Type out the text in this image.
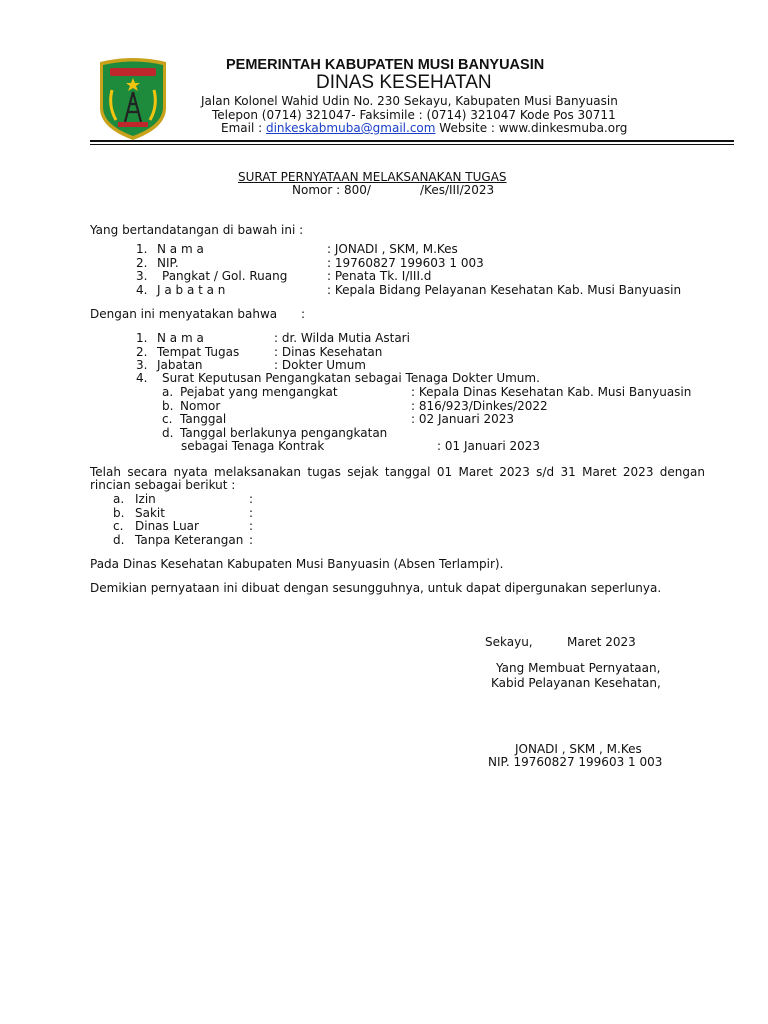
PEMERINTAH KABUPATEN MUSI BANYUASIN
DINAS KESEHATAN
Jalan Kolonel Wahid Udin No. 230 Sekayu, Kabupaten Musi Banyuasin
Telepon (0714) 321047- Faksimile : (0714) 321047 Kode Pos 30711
Email : dinkeskabmuba@gmail.com Website : www.dinkesmuba.org
SURAT PERNYATAAN MELAKSANAKAN TUGAS
Nomor : 800/	/Kes/III/2023
Yang bertandatangan di bawah ini :
1. N a m a	: JONADI , SKM, M.Kes
2. NIP.	: 19760827 199603 1 003
3. Pangkat / Gol. Ruang	: Penata Tk. I/III.d
4. J a b a t a n	: Kepala Bidang Pelayanan Kesehatan Kab. Musi Banyuasin
Dengan ini menyatakan bahwa :
1. N a m a	: dr. Wilda Mutia Astari
2. Tempat Tugas	: Dinas Kesehatan
3. Jabatan	: Dokter Umum
4. Surat Keputusan Pengangkatan sebagai Tenaga Dokter Umum.
a. Pejabat yang mengangkat	: Kepala Dinas Kesehatan Kab. Musi Banyuasin
b. Nomor	: 816/923/Dinkes/2022
c. Tanggal	: 02 Januari 2023
d. Tanggal berlakunya pengangkatan
sebagai Tenaga Kontrak	: 01 Januari 2023
Telah secara nyata melaksanakan tugas sejak tanggal 01 Maret 2023 s/d 31 Maret 2023 dengan
rincian sebagai berikut :
a. Izin	:
b. Sakit	:
c. Dinas Luar	:
d. Tanpa Keterangan :
Pada Dinas Kesehatan Kabupaten Musi Banyuasin (Absen Terlampir).
Demikian pernyataan ini dibuat dengan sesungguhnya, untuk dapat dipergunakan seperlunya.
Sekayu,	Maret 2023
Yang Membuat Pernyataan,
Kabid Pelayanan Kesehatan,
JONADI , SKM , M.Kes
NIP. 19760827 199603 1 003
